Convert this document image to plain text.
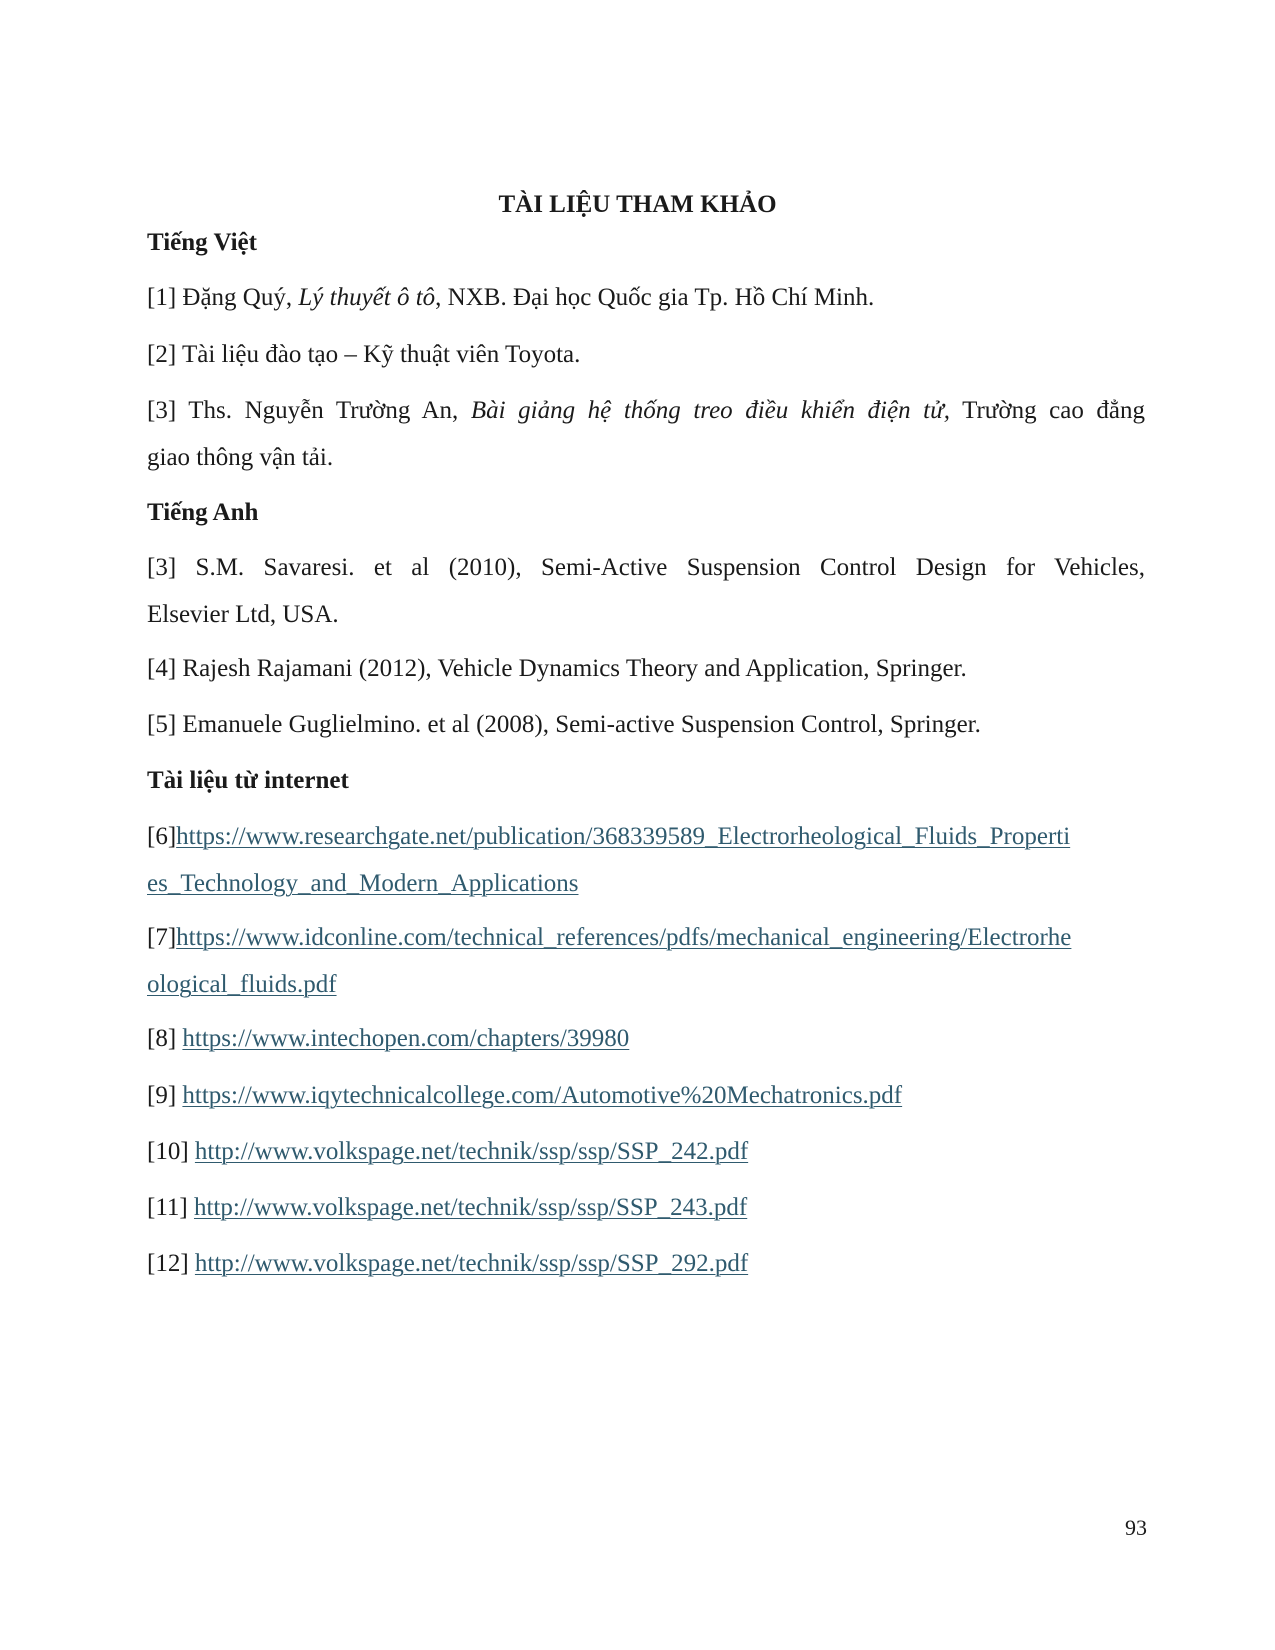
TÀI LIỆU THAM KHẢO
Tiếng Việt
[1] Đặng Quý, Lý thuyết ô tô, NXB. Đại học Quốc gia Tp. Hồ Chí Minh.
[2] Tài liệu đào tạo – Kỹ thuật viên Toyota.
[3] Ths. Nguyễn Trường An, Bài giảng hệ thống treo điều khiển điện tử, Trường cao đẳng
giao thông vận tải.
Tiếng Anh
[3] S.M. Savaresi. et al (2010), Semi-Active Suspension Control Design for Vehicles,
Elsevier Ltd, USA.
[4] Rajesh Rajamani (2012), Vehicle Dynamics Theory and Application, Springer.
[5] Emanuele Guglielmino. et al (2008), Semi-active Suspension Control, Springer.
Tài liệu từ internet
[6]https://www.researchgate.net/publication/368339589_Electrorheological_Fluids_Properti
es_Technology_and_Modern_Applications
[7]https://www.idconline.com/technical_references/pdfs/mechanical_engineering/Electrorhe
ological_fluids.pdf
[8] https://www.intechopen.com/chapters/39980
[9] https://www.iqytechnicalcollege.com/Automotive%20Mechatronics.pdf
[10] http://www.volkspage.net/technik/ssp/ssp/SSP_242.pdf
[11] http://www.volkspage.net/technik/ssp/ssp/SSP_243.pdf
[12] http://www.volkspage.net/technik/ssp/ssp/SSP_292.pdf
93
